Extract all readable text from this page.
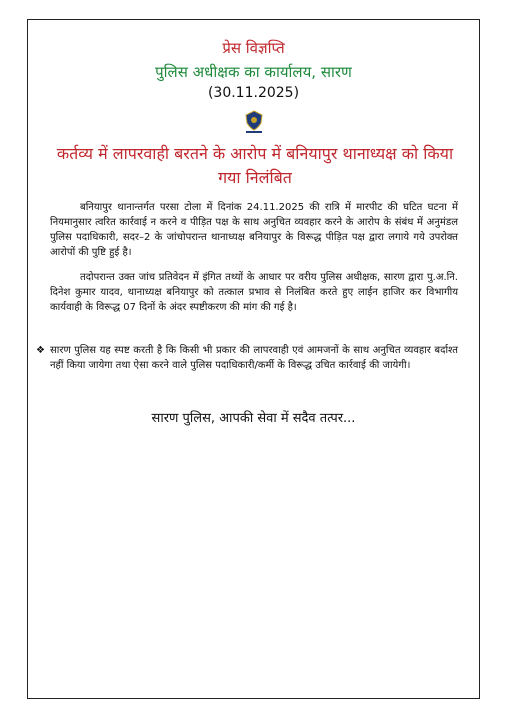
प्रेस विज्ञप्ति
पुलिस अधीक्षक का कार्यालय, सारण
(30.11.2025)
कर्तव्य में लापरवाही बरतने के आरोप में बनियापुर थानाध्यक्ष को किया गया निलंबित
बनियापुर थानान्तर्गत परसा टोला में दिनांक 24.11.2025 की रात्रि में मारपीट की घटित घटना में नियमानुसार त्वरित कार्रवाई न करने व पीड़ित पक्ष के साथ अनुचित व्यवहार करने के आरोप के संबंध में अनुमंडल पुलिस पदाधिकारी, सदर–2 के जांचोपरान्त थानाध्यक्ष बनियापुर के विरूद्ध पीड़ित पक्ष द्वारा लगाये गये उपरोक्त आरोपों की पुष्टि हुई है।
तदोपरान्त उक्त जांच प्रतिवेदन में इंगित तथ्यों के आधार पर वरीय पुलिस अधीक्षक, सारण द्वारा पु.अ.नि. दिनेश कुमार यादव, थानाध्यक्ष बनियापुर को तत्काल प्रभाव से निलंबित करते हुए लाईन हाजिर कर विभागीय कार्यवाही के विरूद्ध 07 दिनों के अंदर स्पष्टीकरण की मांग की गई है।
❖ सारण पुलिस यह स्पष्ट करती है कि किसी भी प्रकार की लापरवाही एवं आमजनों के साथ अनुचित व्यवहार बर्दाश्त नहीं किया जायेगा तथा ऐसा करने वाले पुलिस पदाधिकारी/कर्मी के विरूद्ध उचित कार्रवाई की जायेगी।
सारण पुलिस, आपकी सेवा में सदैव तत्पर...
